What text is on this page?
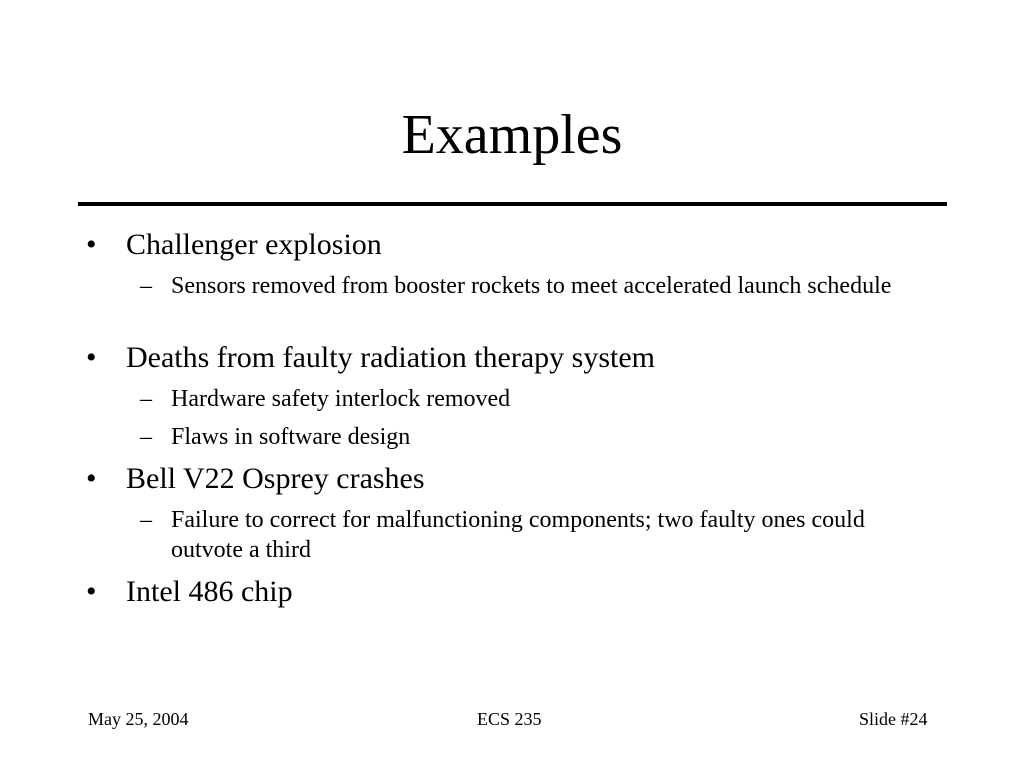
Examples
• Challenger explosion
– Sensors removed from booster rockets to meet accelerated launch schedule
• Deaths from faulty radiation therapy system
– Hardware safety interlock removed
– Flaws in software design
• Bell V22 Osprey crashes
– Failure to correct for malfunctioning components; two faulty ones could outvote a third
• Intel 486 chip
May 25, 2004	ECS 235	Slide #24
